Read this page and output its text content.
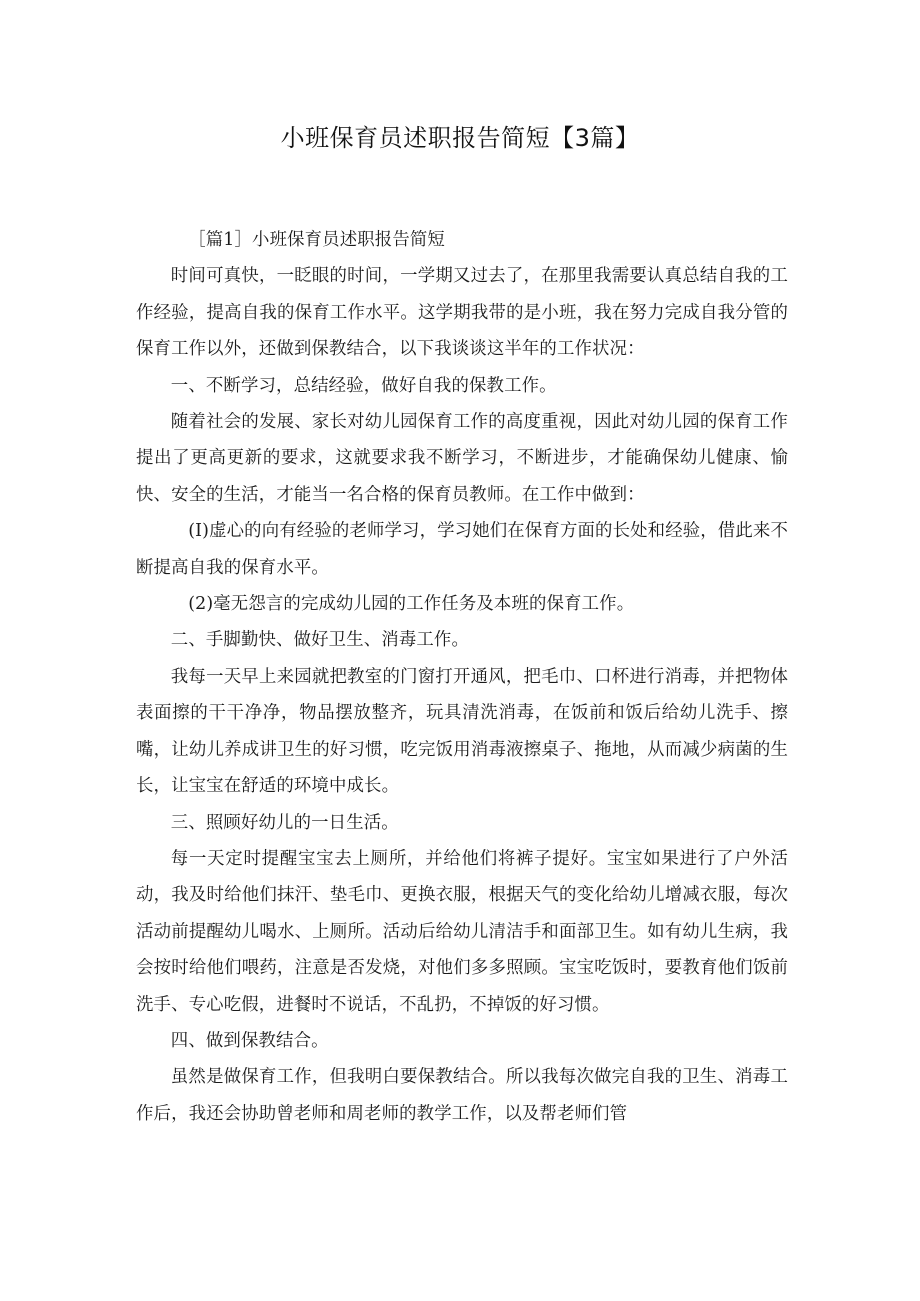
小班保育员述职报告简短【3篇】

［篇1］小班保育员述职报告简短

时间可真快，一眨眼的时间，一学期又过去了，在那里我需要认真总结自我的工作经验，提高自我的保育工作水平。这学期我带的是小班，我在努力完成自我分管的保育工作以外，还做到保教结合，以下我谈谈这半年的工作状况：

一、不断学习，总结经验，做好自我的保教工作。

随着社会的发展、家长对幼儿园保育工作的高度重视，因此对幼儿园的保育工作提出了更高更新的要求，这就要求我不断学习，不断进步，才能确保幼儿健康、愉快、安全的生活，才能当一名合格的保育员教师。在工作中做到：

(I)虚心的向有经验的老师学习，学习她们在保育方面的长处和经验，借此来不断提高自我的保育水平。

(2)毫无怨言的完成幼儿园的工作任务及本班的保育工作。

二、手脚勤快、做好卫生、消毒工作。

我每一天早上来园就把教室的门窗打开通风，把毛巾、口杯进行消毒，并把物体表面擦的干干净净，物品摆放整齐，玩具清洗消毒，在饭前和饭后给幼儿洗手、擦嘴，让幼儿养成讲卫生的好习惯，吃完饭用消毒液擦桌子、拖地，从而减少病菌的生长，让宝宝在舒适的环境中成长。

三、照顾好幼儿的一日生活。

每一天定时提醒宝宝去上厕所，并给他们将裤子提好。宝宝如果进行了户外活动，我及时给他们抹汗、垫毛巾、更换衣服，根据天气的变化给幼儿增减衣服，每次活动前提醒幼儿喝水、上厕所。活动后给幼儿清洁手和面部卫生。如有幼儿生病，我会按时给他们喂药，注意是否发烧，对他们多多照顾。宝宝吃饭时，要教育他们饭前洗手、专心吃假，进餐时不说话，不乱扔，不掉饭的好习惯。

四、做到保教结合。

虽然是做保育工作，但我明白要保教结合。所以我每次做完自我的卫生、消毒工作后，我还会协助曾老师和周老师的教学工作，以及帮老师们管
